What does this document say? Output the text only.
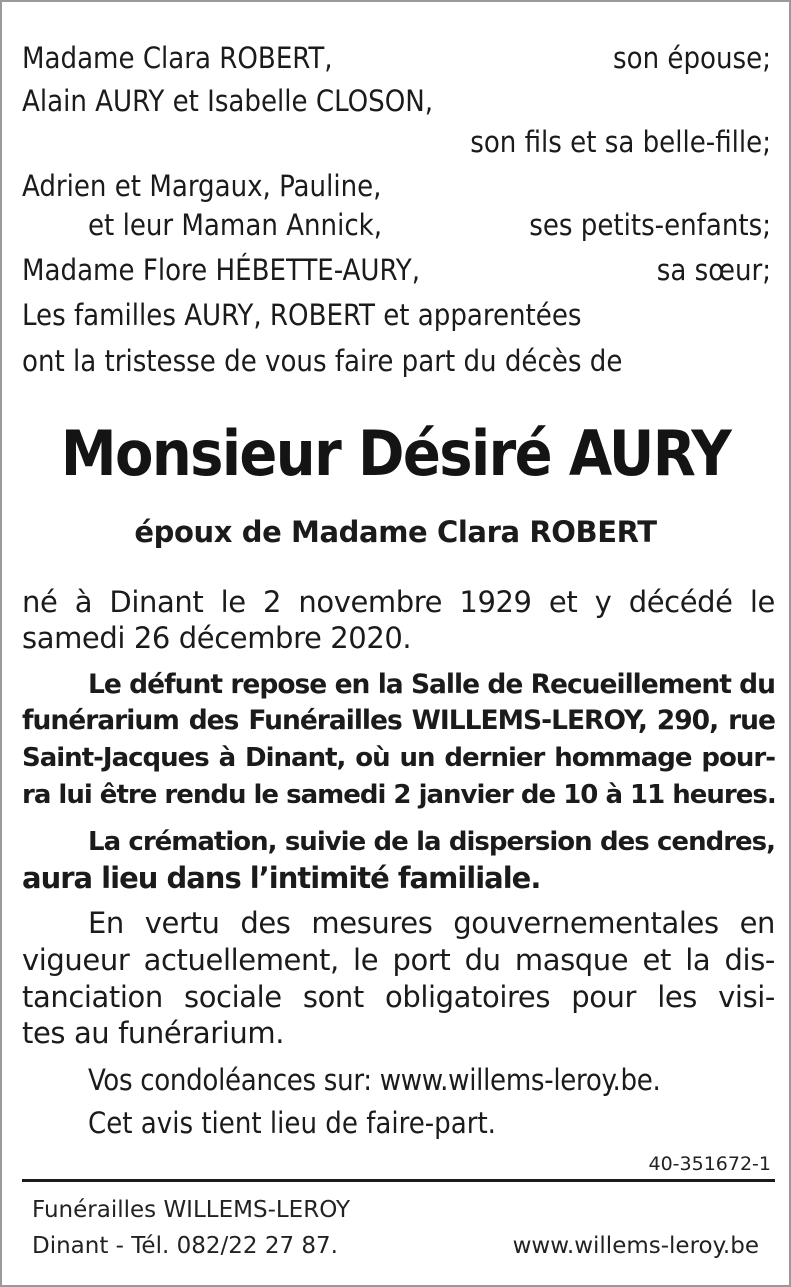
Madame Clara ROBERT,	son épouse;
Alain AURY et Isabelle CLOSON,
son fils et sa belle-fille;
Adrien et Margaux, Pauline,
et leur Maman Annick,	ses petits-enfants;
Madame Flore HÉBETTE-AURY,	sa sœur;
Les familles AURY, ROBERT et apparentées
ont la tristesse de vous faire part du décès de
Monsieur Désiré AURY
époux de Madame Clara ROBERT
né à Dinant le 2 novembre 1929 et y décédé le
samedi 26 décembre 2020.
Le défunt repose en la Salle de Recueillement du
funérarium des Funérailles WILLEMS-LEROY, 290, rue
Saint-Jacques à Dinant, où un dernier hommage pour-
ra lui être rendu le samedi 2 janvier de 10 à 11 heures.
La crémation, suivie de la dispersion des cendres,
aura lieu dans l’intimité familiale.
En vertu des mesures gouvernementales en
vigueur actuellement, le port du masque et la dis-
tanciation sociale sont obligatoires pour les visi-
tes au funérarium.
Vos condoléances sur: www.willems-leroy.be.
Cet avis tient lieu de faire-part.
40-351672-1
Funérailles WILLEMS-LEROY
Dinant - Tél. 082/22 27 87.	www.willems-leroy.be
